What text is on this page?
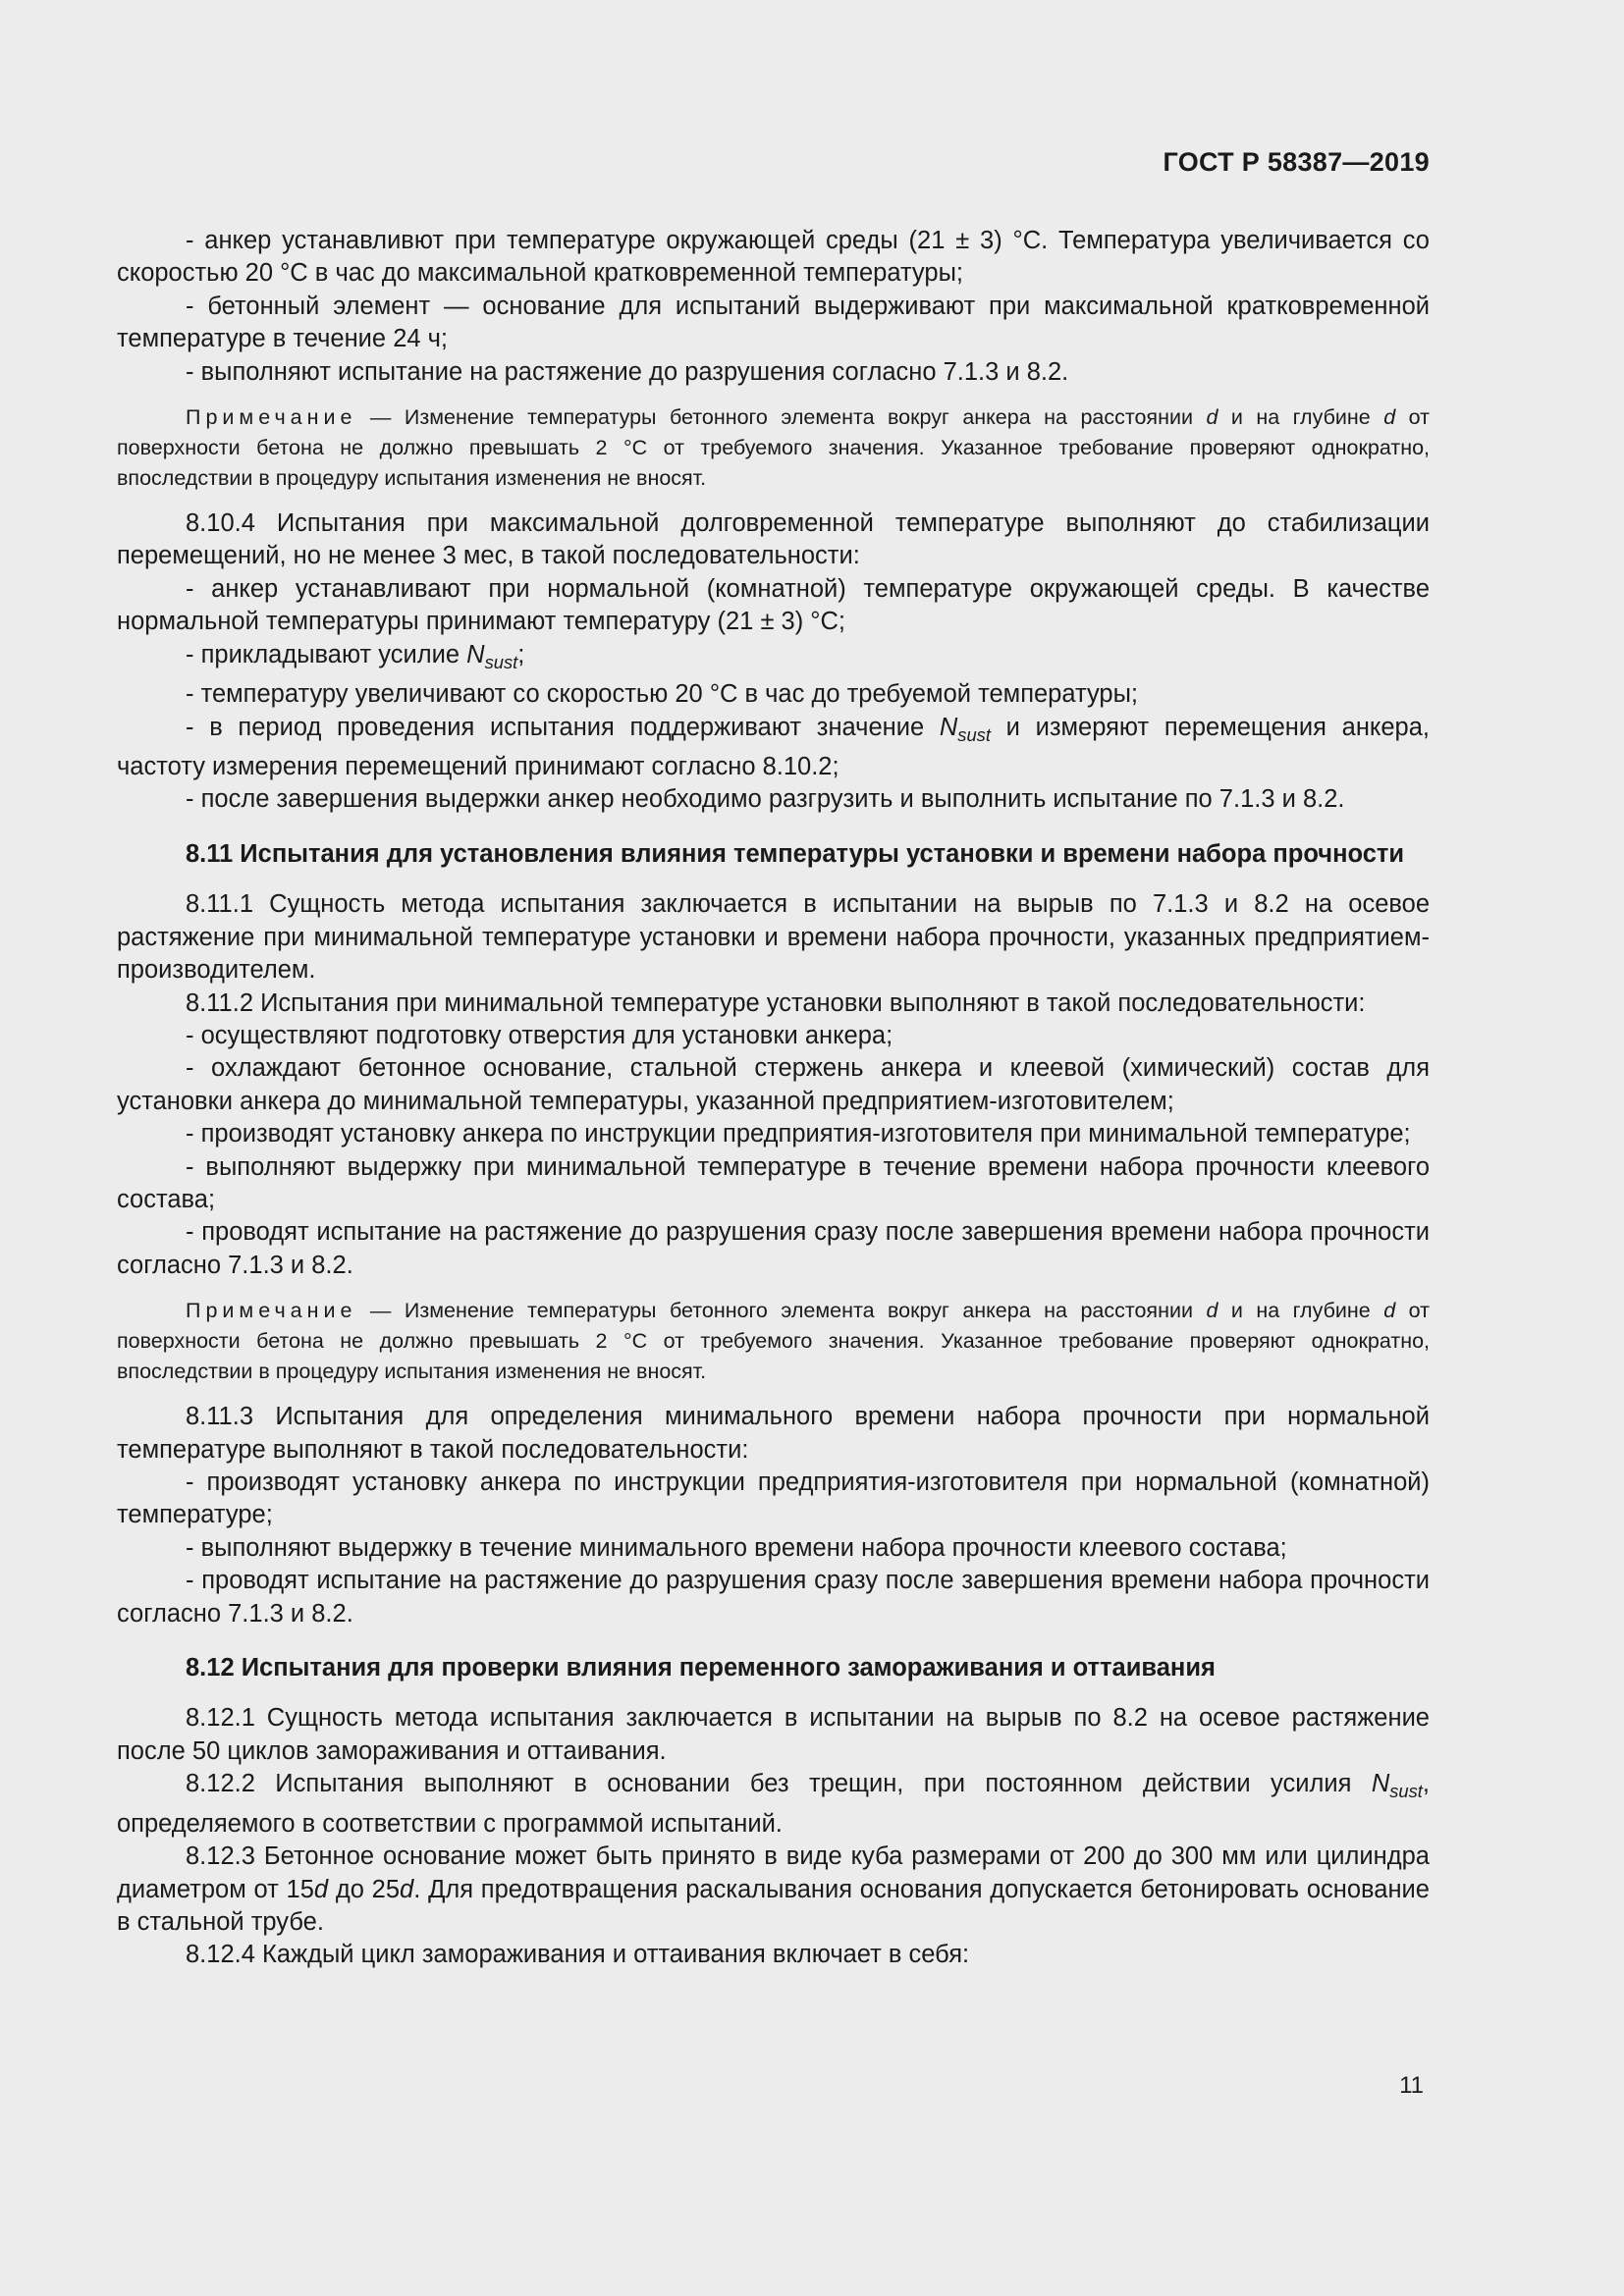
ГОСТ Р 58387—2019

- анкер устанавливют при температуре окружающей среды (21 ± 3) °C. Температура увеличивается со скоростью 20 °C в час до максимальной кратковременной температуры;

- бетонный элемент — основание для испытаний выдерживают при максимальной кратковременной температуре в течение 24 ч;

- выполняют испытание на растяжение до разрушения согласно 7.1.3 и 8.2.

Примечание — Изменение температуры бетонного элемента вокруг анкера на расстоянии d и на глубине d от поверхности бетона не должно превышать 2 °C от требуемого значения. Указанное требование проверяют однократно, впоследствии в процедуру испытания изменения не вносят.

8.10.4 Испытания при максимальной долговременной температуре выполняют до стабилизации перемещений, но не менее 3 мес, в такой последовательности:

- анкер устанавливают при нормальной (комнатной) температуре окружающей среды. В качестве нормальной температуры принимают температуру (21 ± 3) °C;

- прикладывают усилие $N_{sust}$;

- температуру увеличивают со скоростью 20 °C в час до требуемой температуры;

- в период проведения испытания поддерживают значение $N_{sust}$ и измеряют перемещения анкера, частоту измерения перемещений принимают согласно 8.10.2;

- после завершения выдержки анкер необходимо разгрузить и выполнить испытание по 7.1.3 и 8.2.

8.11 Испытания для установления влияния температуры установки и времени набора прочности

8.11.1 Сущность метода испытания заключается в испытании на вырыв по 7.1.3 и 8.2 на осевое растяжение при минимальной температуре установки и времени набора прочности, указанных предприятием-производителем.

8.11.2 Испытания при минимальной температуре установки выполняют в такой последовательности:

- осуществляют подготовку отверстия для установки анкера;

- охлаждают бетонное основание, стальной стержень анкера и клеевой (химический) состав для установки анкера до минимальной температуры, указанной предприятием-изготовителем;

- производят установку анкера по инструкции предприятия-изготовителя при минимальной температуре;

- выполняют выдержку при минимальной температуре в течение времени набора прочности клеевого состава;

- проводят испытание на растяжение до разрушения сразу после завершения времени набора прочности согласно 7.1.3 и 8.2.

Примечание — Изменение температуры бетонного элемента вокруг анкера на расстоянии d и на глубине d от поверхности бетона не должно превышать 2 °C от требуемого значения. Указанное требование проверяют однократно, впоследствии в процедуру испытания изменения не вносят.

8.11.3 Испытания для определения минимального времени набора прочности при нормальной температуре выполняют в такой последовательности:

- производят установку анкера по инструкции предприятия-изготовителя при нормальной (комнатной) температуре;

- выполняют выдержку в течение минимального времени набора прочности клеевого состава;

- проводят испытание на растяжение до разрушения сразу после завершения времени набора прочности согласно 7.1.3 и 8.2.

8.12 Испытания для проверки влияния переменного замораживания и оттаивания

8.12.1 Сущность метода испытания заключается в испытании на вырыв по 8.2 на осевое растяжение после 50 циклов замораживания и оттаивания.

8.12.2 Испытания выполняют в основании без трещин, при постоянном действии усилия $N_{sust}$, определяемого в соответствии с программой испытаний.

8.12.3 Бетонное основание может быть принято в виде куба размерами от 200 до 300 мм или цилиндра диаметром от 15d до 25d. Для предотвращения раскалывания основания допускается бетонировать основание в стальной трубе.

8.12.4 Каждый цикл замораживания и оттаивания включает в себя:

11
